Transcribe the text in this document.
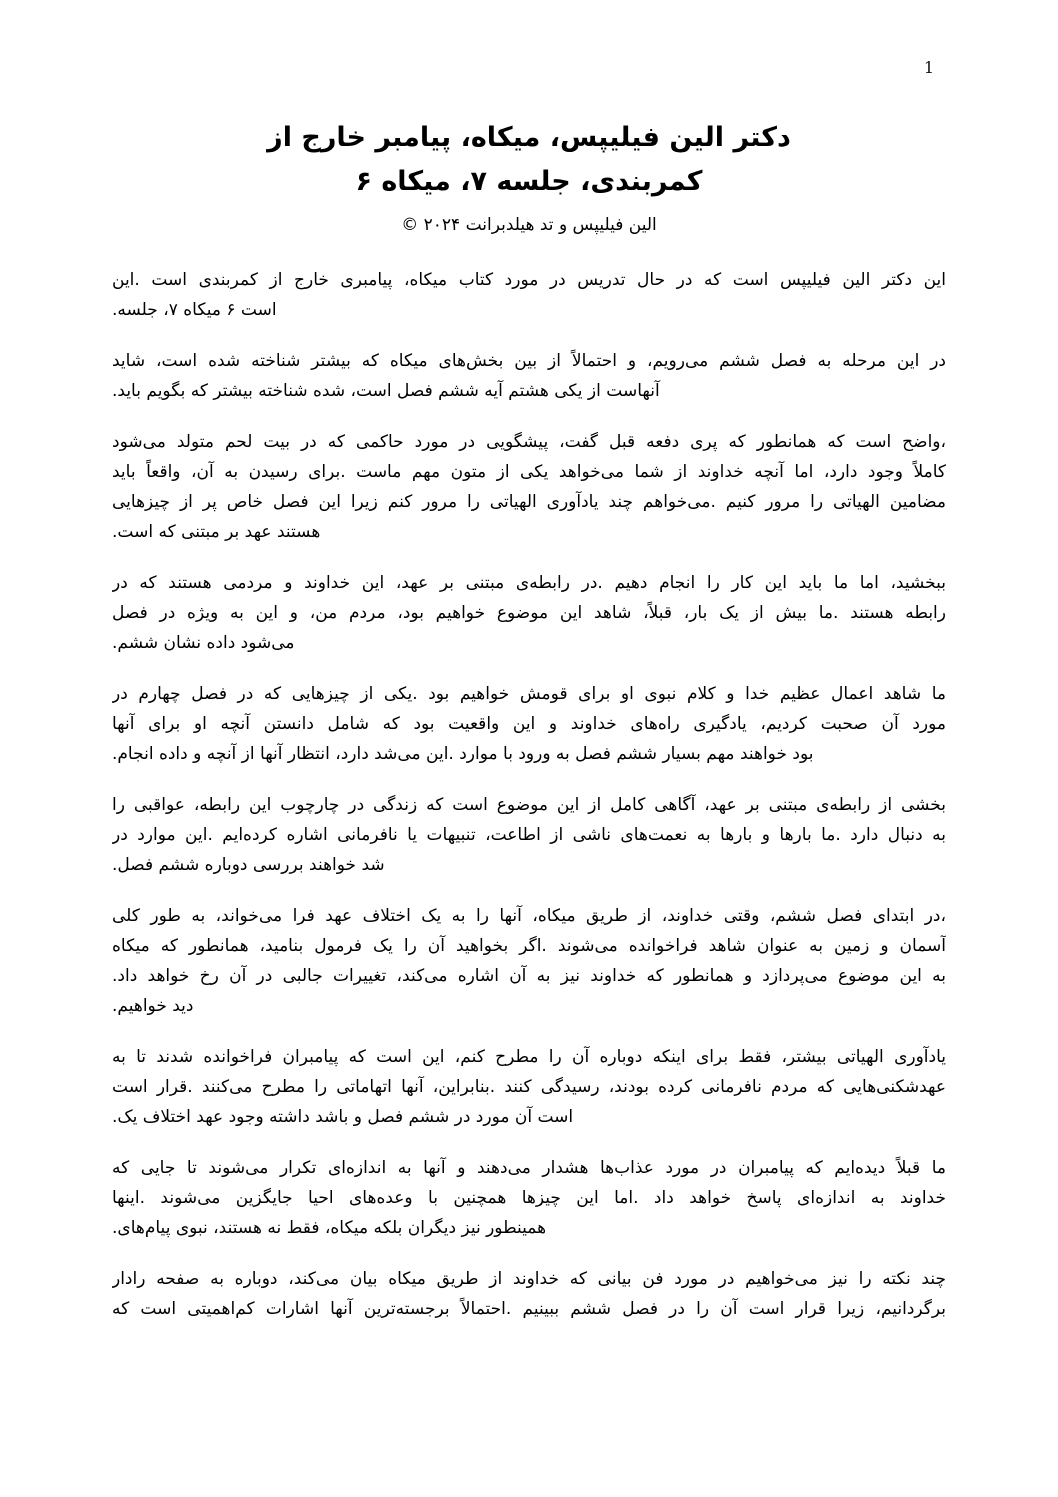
1
دکتر الین فیلیپس، میکاه، پیامبر خارج از
کمربندی، جلسه ۷، میکاه ۶
الین فیلیپس و تد هیلدبرانت ۲۰۲۴ ©
این دکتر الین فیلیپس است که در حال تدریس در مورد کتاب میکاه، پیامبری خارج از کمربندی است .این
است ۶ میکاه ۷، جلسه.
در این مرحله به فصل ششم می‌رویم، و احتمالاً از بین بخش‌های میکاه که بیشتر شناخته شده است، شاید
آنهاست از یکی هشتم آیه ششم فصل است، شده شناخته بیشتر که بگویم باید.
،واضح است که همانطور که پری دفعه قبل گفت، پیشگویی در مورد حاکمی که در بیت لحم متولد می‌شود
کاملاً وجود دارد، اما آنچه خداوند از شما می‌خواهد یکی از متون مهم ماست .برای رسیدن به آن، واقعاً باید
مضامین الهیاتی را مرور کنیم .می‌خواهم چند یادآوری الهیاتی را مرور کنم زیرا این فصل خاص پر از چیزهایی
هستند عهد بر مبتنی که است.
ببخشید، اما ما باید این کار را انجام دهیم .در رابطه‌ی مبتنی بر عهد، این خداوند و مردمی هستند که در
رابطه هستند .ما بیش از یک بار، قبلاً، شاهد این موضوع خواهیم بود، مردم من، و این به ویژه در فصل
می‌شود داده نشان ششم.
ما شاهد اعمال عظیم خدا و کلام نبوی او برای قومش خواهیم بود .یکی از چیزهایی که در فصل چهارم در
مورد آن صحبت کردیم، یادگیری راه‌های خداوند و این واقعیت بود که شامل دانستن آنچه او برای آنها
بود خواهند مهم بسیار ششم فصل به ورود با موارد .این می‌شد دارد، انتظار آنها از آنچه و داده انجام.
بخشی از رابطه‌ی مبتنی بر عهد، آگاهی کامل از این موضوع است که زندگی در چارچوب این رابطه، عواقبی را
به دنبال دارد .ما بارها و بارها به نعمت‌های ناشی از اطاعت، تنبیهات یا نافرمانی اشاره کرده‌ایم .این موارد در
شد خواهند بررسی دوباره ششم فصل.
،در ابتدای فصل ششم، وقتی خداوند، از طریق میکاه، آنها را به یک اختلاف عهد فرا می‌خواند، به طور کلی
آسمان و زمین به عنوان شاهد فراخوانده می‌شوند .اگر بخواهید آن را یک فرمول بنامید، همانطور که میکاه
به این موضوع می‌پردازد و همانطور که خداوند نیز به آن اشاره می‌کند، تغییرات جالبی در آن رخ خواهد داد.
دید خواهیم.
یادآوری الهیاتی بیشتر، فقط برای اینکه دوباره آن را مطرح کنم، این است که پیامبران فراخوانده شدند تا به
عهدشکنی‌هایی که مردم نافرمانی کرده بودند، رسیدگی کنند .بنابراین، آنها اتهاماتی را مطرح می‌کنند .قرار است
است آن مورد در ششم فصل و باشد داشته وجود عهد اختلاف یک.
ما قبلاً دیده‌ایم که پیامبران در مورد عذاب‌ها هشدار می‌دهند و آنها به اندازه‌ای تکرار می‌شوند تا جایی که
خداوند به اندازه‌ای پاسخ خواهد داد .اما این چیزها همچنین با وعده‌های احیا جایگزین می‌شوند .اینها
همینطور نیز دیگران بلکه میکاه، فقط نه هستند، نبوی پیام‌های.
چند نکته را نیز می‌خواهیم در مورد فن بیانی که خداوند از طریق میکاه بیان می‌کند، دوباره به صفحه رادار
برگردانیم، زیرا قرار است آن را در فصل ششم ببینیم .احتمالاً برجسته‌ترین آنها اشارات کم‌اهمیتی است که
